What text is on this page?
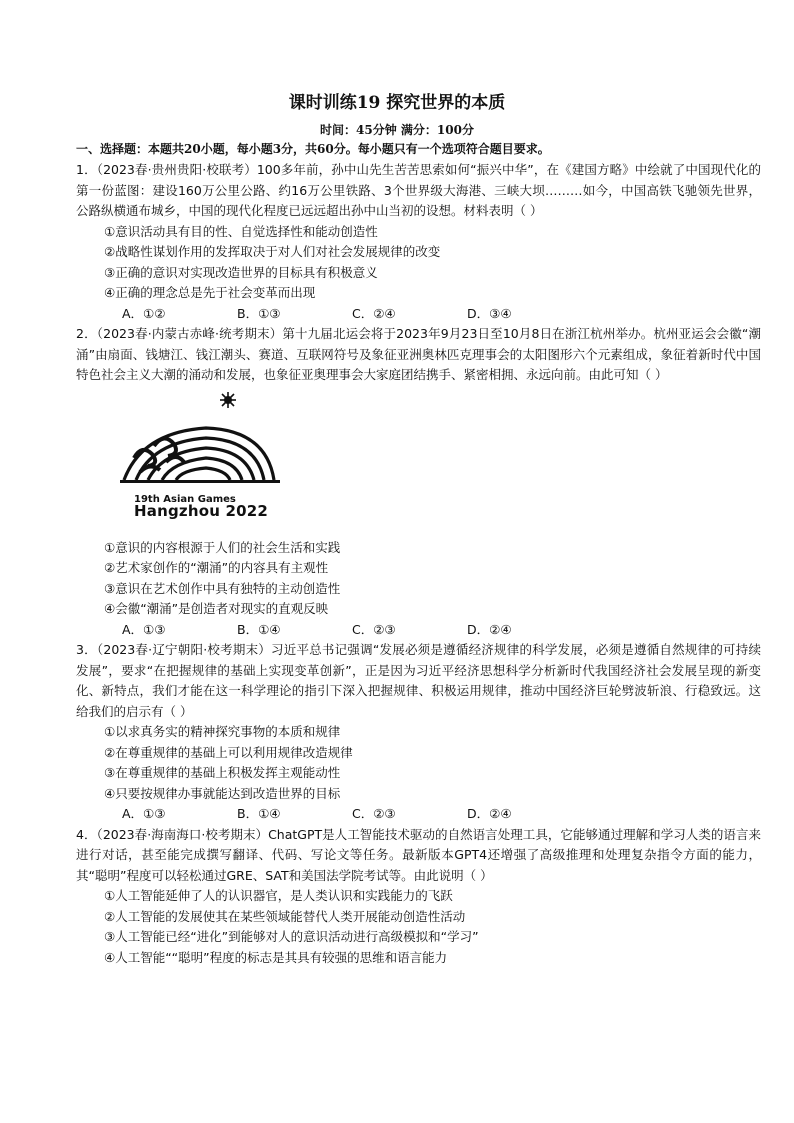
课时训练19 探究世界的本质
时间：45分钟 满分：100分
一、选择题：本题共20小题，每小题3分，共60分。每小题只有一个选项符合题目要求。

1．（2023春·贵州贵阳·校联考）100多年前，孙中山先生苦苦思索如何“振兴中华”，在《建国方略》中绘就了中国现代化的第一份蓝图：建设160万公里公路、约16万公里铁路、3个世界级大海港、三峡大坝………如今，中国高铁飞驰领先世界，公路纵横通布城乡，中国的现代化程度已远远超出孙中山当初的设想。材料表明（ ）

①意识活动具有目的性、自觉选择性和能动创造性

②战略性谋划作用的发挥取决于对人们对社会发展规律的改变

③正确的意识对实现改造世界的目标具有积极意义

④正确的理念总是先于社会变革而出现

A．①②	B．①③	C．②④	D．③④

2．（2023春·内蒙古赤峰·统考期末）第十九届北运会将于2023年9月23日至10月8日在浙江杭州举办。杭州亚运会会徽“潮涌”由扇面、钱塘江、钱江潮头、赛道、互联网符号及象征亚洲奥林匹克理事会的太阳图形六个元素组成，象征着新时代中国特色社会主义大潮的涌动和发展，也象征亚奥理事会大家庭团结携手、紧密相拥、永远向前。由此可知（ ）

19th Asian Games
Hangzhou 2022

①意识的内容根源于人们的社会生活和实践

②艺术家创作的“潮涌”的内容具有主观性

③意识在艺术创作中具有独特的主动创造性

④会徽“潮涌”是创造者对现实的直观反映

A．①③	B．①④	C．②③	D．②④

3．（2023春·辽宁朝阳·校考期末）习近平总书记强调“发展必须是遵循经济规律的科学发展，必须是遵循自然规律的可持续发展”，要求“在把握规律的基础上实现变革创新”，正是因为习近平经济思想科学分析新时代我国经济社会发展呈现的新变化、新特点，我们才能在这一科学理论的指引下深入把握规律、积极运用规律，推动中国经济巨轮劈波斩浪、行稳致远。这给我们的启示有（ ）

①以求真务实的精神探究事物的本质和规律

②在尊重规律的基础上可以利用规律改造规律

③在尊重规律的基础上积极发挥主观能动性

④只要按规律办事就能达到改造世界的目标

A．①③	B．①④	C．②③	D．②④

4．（2023春·海南海口·校考期末）ChatGPT是人工智能技术驱动的自然语言处理工具，它能够通过理解和学习人类的语言来进行对话，甚至能完成撰写翻译、代码、写论文等任务。最新版本GPT4还增强了高级推理和处理复杂指令方面的能力，其“聪明”程度可以轻松通过GRE、SAT和美国法学院考试等。由此说明（ ）

①人工智能延伸了人的认识器官，是人类认识和实践能力的飞跃

②人工智能的发展使其在某些领域能替代人类开展能动创造性活动

③人工智能已经“进化”到能够对人的意识活动进行高级模拟和“学习”

④人工智能““聪明”程度的标志是其具有较强的思维和语言能力
